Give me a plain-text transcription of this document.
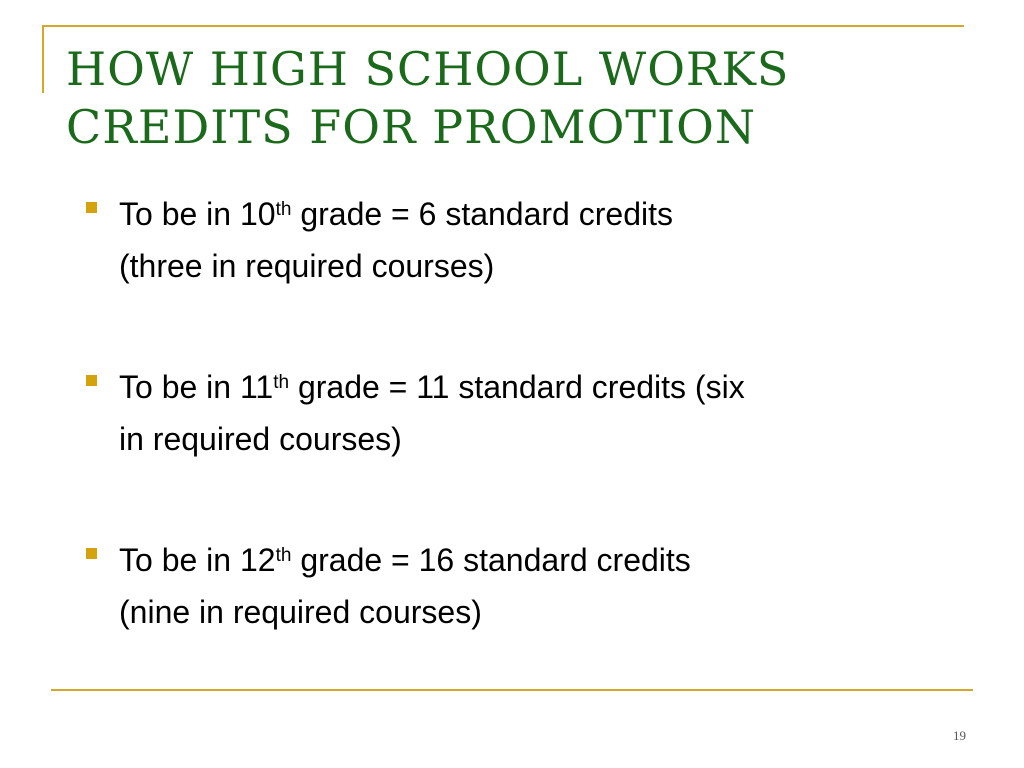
HOW HIGH SCHOOL WORKS
CREDITS FOR PROMOTION
To be in 10th grade = 6 standard credits
(three in required courses)
To be in 11th grade = 11 standard credits (six
in required courses)
To be in 12th grade = 16 standard credits
(nine in required courses)
19
